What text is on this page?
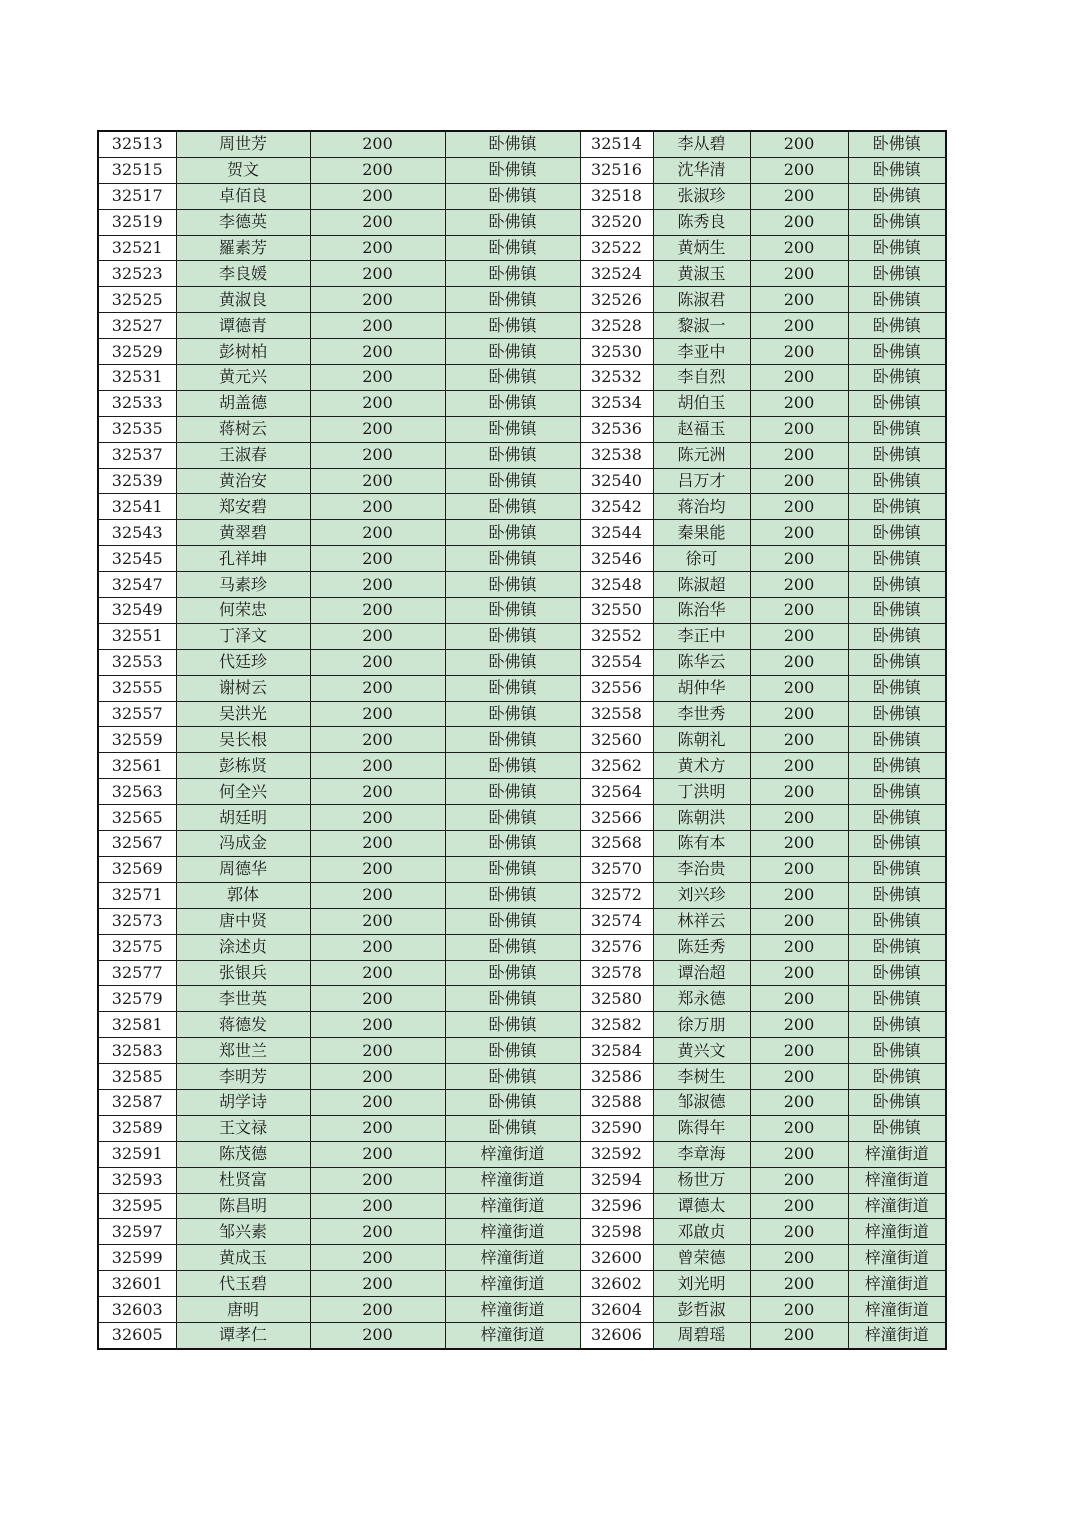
32513	周世芳	200	卧佛镇	32514	李从碧	200	卧佛镇
32515	贺文	200	卧佛镇	32516	沈华清	200	卧佛镇
32517	卓佰良	200	卧佛镇	32518	张淑珍	200	卧佛镇
32519	李德英	200	卧佛镇	32520	陈秀良	200	卧佛镇
32521	羅素芳	200	卧佛镇	32522	黄炳生	200	卧佛镇
32523	李良媛	200	卧佛镇	32524	黄淑玉	200	卧佛镇
32525	黄淑良	200	卧佛镇	32526	陈淑君	200	卧佛镇
32527	谭德青	200	卧佛镇	32528	黎淑一	200	卧佛镇
32529	彭树柏	200	卧佛镇	32530	李亚中	200	卧佛镇
32531	黄元兴	200	卧佛镇	32532	李自烈	200	卧佛镇
32533	胡盖德	200	卧佛镇	32534	胡伯玉	200	卧佛镇
32535	蒋树云	200	卧佛镇	32536	赵福玉	200	卧佛镇
32537	王淑春	200	卧佛镇	32538	陈元洲	200	卧佛镇
32539	黄治安	200	卧佛镇	32540	吕万才	200	卧佛镇
32541	郑安碧	200	卧佛镇	32542	蒋治均	200	卧佛镇
32543	黄翠碧	200	卧佛镇	32544	秦果能	200	卧佛镇
32545	孔祥坤	200	卧佛镇	32546	徐可	200	卧佛镇
32547	马素珍	200	卧佛镇	32548	陈淑超	200	卧佛镇
32549	何荣忠	200	卧佛镇	32550	陈治华	200	卧佛镇
32551	丁泽文	200	卧佛镇	32552	李正中	200	卧佛镇
32553	代廷珍	200	卧佛镇	32554	陈华云	200	卧佛镇
32555	谢树云	200	卧佛镇	32556	胡仲华	200	卧佛镇
32557	吴洪光	200	卧佛镇	32558	李世秀	200	卧佛镇
32559	吴长根	200	卧佛镇	32560	陈朝礼	200	卧佛镇
32561	彭栋贤	200	卧佛镇	32562	黄术方	200	卧佛镇
32563	何全兴	200	卧佛镇	32564	丁洪明	200	卧佛镇
32565	胡廷明	200	卧佛镇	32566	陈朝洪	200	卧佛镇
32567	冯成金	200	卧佛镇	32568	陈有本	200	卧佛镇
32569	周德华	200	卧佛镇	32570	李治贵	200	卧佛镇
32571	郭体	200	卧佛镇	32572	刘兴珍	200	卧佛镇
32573	唐中贤	200	卧佛镇	32574	林祥云	200	卧佛镇
32575	涂述贞	200	卧佛镇	32576	陈廷秀	200	卧佛镇
32577	张银兵	200	卧佛镇	32578	谭治超	200	卧佛镇
32579	李世英	200	卧佛镇	32580	郑永德	200	卧佛镇
32581	蒋德发	200	卧佛镇	32582	徐万朋	200	卧佛镇
32583	郑世兰	200	卧佛镇	32584	黄兴文	200	卧佛镇
32585	李明芳	200	卧佛镇	32586	李树生	200	卧佛镇
32587	胡学诗	200	卧佛镇	32588	邹淑德	200	卧佛镇
32589	王文禄	200	卧佛镇	32590	陈得年	200	卧佛镇
32591	陈茂德	200	梓潼街道	32592	李章海	200	梓潼街道
32593	杜贤富	200	梓潼街道	32594	杨世万	200	梓潼街道
32595	陈昌明	200	梓潼街道	32596	谭德太	200	梓潼街道
32597	邹兴素	200	梓潼街道	32598	邓啟贞	200	梓潼街道
32599	黄成玉	200	梓潼街道	32600	曾荣德	200	梓潼街道
32601	代玉碧	200	梓潼街道	32602	刘光明	200	梓潼街道
32603	唐明	200	梓潼街道	32604	彭哲淑	200	梓潼街道
32605	谭孝仁	200	梓潼街道	32606	周碧瑶	200	梓潼街道
